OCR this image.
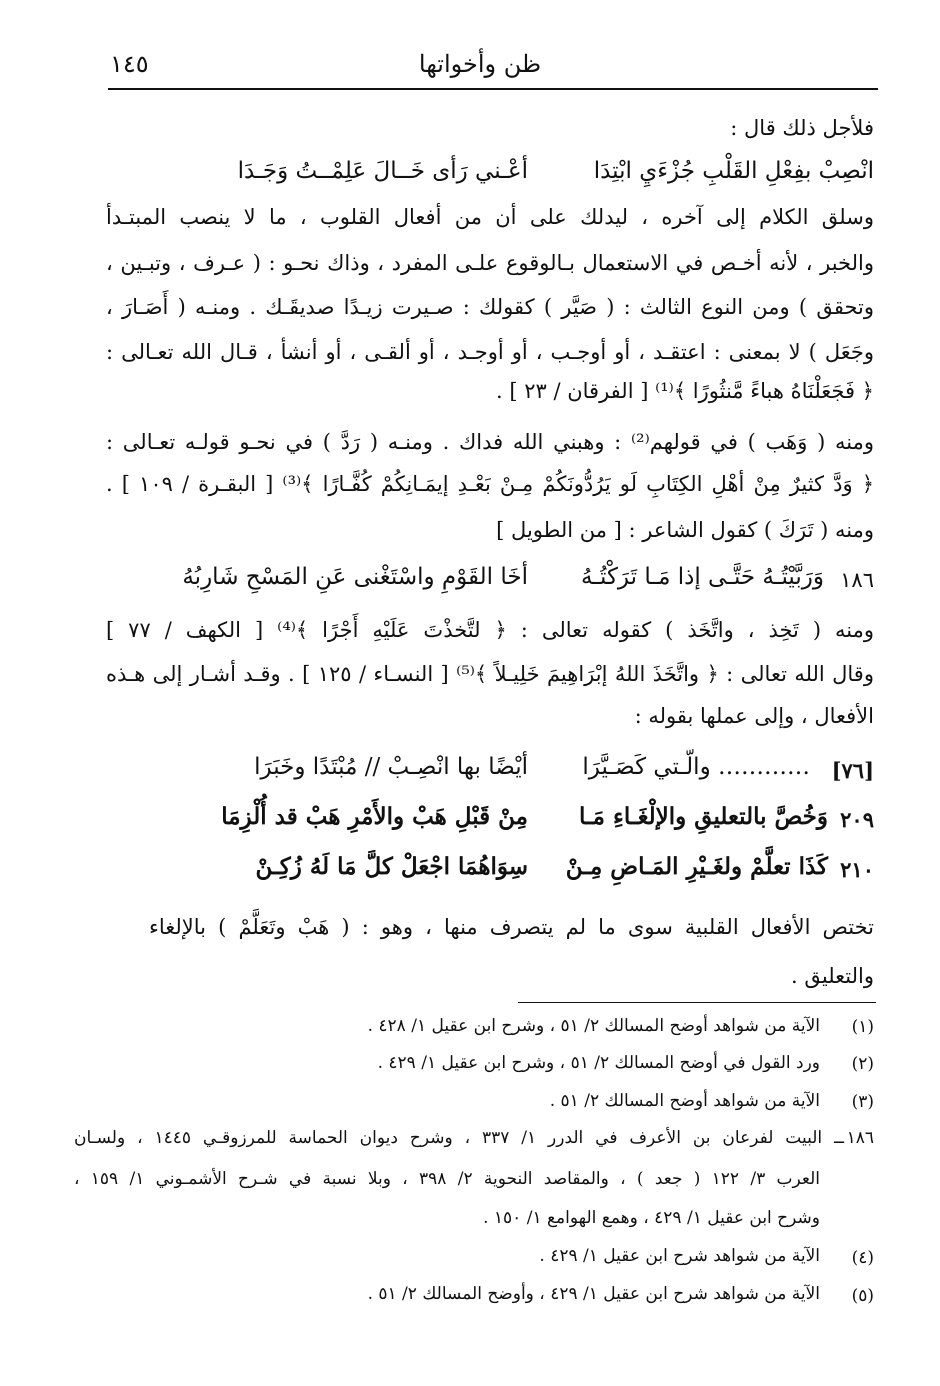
١٤٥	ظن وأخواتها
فلأجل ذلك قال :
انْصِبْ بفِعْلِ القَلْبِ جُزْءَيِ ابْتِدَا
أعْـني رَأى خَــالَ عَلِمْــتُ وَجَـدَا
وسلق الكلام إلى آخره ، ليدلك على أن من أفعال القلوب ، ما لا ينصب المبتـدأ
والخبر ، لأنه أخـص في الاستعمال بـالوقوع علـى المفرد ، وذاك نحـو : ( عـرف ، وتبـين ،
وتحقق ) ومن النوع الثالث : ( صَيَّر ) كقولك : صـيرت زيـدًا صديقَـك . ومنـه ( أَصَـارَ ،
وجَعَل ) لا بمعنى : اعتقـد ، أو أوجـب ، أو أوجـد ، أو ألقـى ، أو أنشأ ، قـال الله تعـالى :
﴿ فَجَعَلْنَاهُ هباءً مَّنثُورًا ﴾⁽¹⁾ [ الفرقان / ٢٣ ] .
ومنه ( وَهَب ) في قولهم⁽²⁾ : وهبني الله فداك . ومنـه ( رَدَّ ) في نحـو قولـه تعـالى :
﴿ وَدَّ كثيرٌ مِنْ أهْلِ الكِتَابِ لَو يَرُدُّونَكُمْ مِـنْ بَعْـدِ إيمَـانِكُمْ كُفَّـارًا ﴾⁽³⁾ [ البقـرة / ١٠٩ ] .
ومنه ( تَرَكَ ) كقول الشاعر : [ من الطويل ]
١٨٦
وَرَبَّيْتُـهُ حَتَّـى إذا مَـا تَرَكْتُـهُ
أخَا القَوْمِ واسْتَغْنى عَنِ المَسْحِ شَارِبُهُ
ومنه ( تَخِذ ، واتَّخَذ ) كقوله تعالى : ﴿ لتَّخذْتَ عَلَيْهِ أَجْرًا ﴾⁽⁴⁾ [ الكهف / ٧٧ ]
وقال الله تعالى : ﴿ واتَّخَذَ اللهُ إبْرَاهِيمَ خَلِيـلاً ﴾⁽⁵⁾ [ النسـاء / ١٢٥ ] . وقـد أشـار إلى هـذه
الأفعال ، وإلى عملها بقوله :
[٧٦]
………… والّـتي كَصَـيَّرَا
أيْضًا بها انْصِـبْ // مُبْتَدًا وخَبَرَا
٢٠٩
وَخُصَّ بالتعليقِ والإلْغَـاءِ مَـا
مِنْ قَبْلِ هَبْ والأَمْرِ هَبْ قد أُلْزِمَا
٢١٠
كَذَا تعلَّمْ ولغَـيْرِ المَـاضِ مِـنْ
سِوَاهُمَا اجْعَلْ كلَّ مَا لَهُ زُكِـنْ
تختص الأفعال القلبية سوى ما لم يتصرف منها ، وهو : ( هَبْ وتَعَلَّمْ ) بالإلغاء
والتعليق .
(١)
الآية من شواهد أوضح المسالك ٢/ ٥١ ، وشرح ابن عقيل ١/ ٤٢٨ .
(٢)
ورد القول في أوضح المسالك ٢/ ٥١ ، وشرح ابن عقيل ١/ ٤٢٩ .
(٣)
الآية من شواهد أوضح المسالك ٢/ ٥١ .
١٨٦
ــ البيت لفرعان بن الأعرف في الدرر ١/ ٣٣٧ ، وشرح ديوان الحماسة للمرزوقـي ١٤٤٥ ، ولسـان
العرب ٣/ ١٢٢ ( جعد ) ، والمقاصد النحوية ٢/ ٣٩٨ ، وبلا نسبة في شـرح الأشمـوني ١/ ١٥٩ ،
وشرح ابن عقيل ١/ ٤٢٩ ، وهمع الهوامع ١/ ١٥٠ .
(٤)
الآية من شواهد شرح ابن عقيل ١/ ٤٢٩ .
(٥)
الآية من شواهد شرح ابن عقيل ١/ ٤٢٩ ، وأوضح المسالك ٢/ ٥١ .
